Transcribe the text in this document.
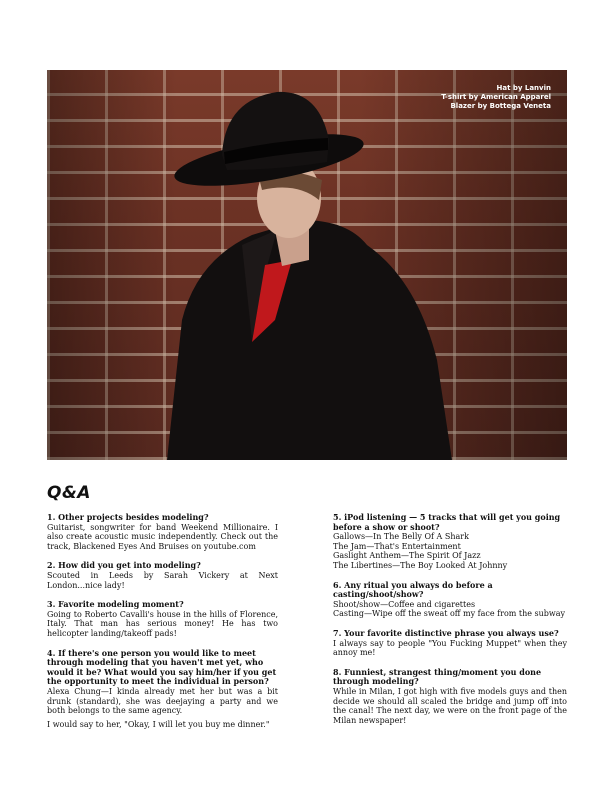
Hat by Lanvin
T-shirt by American Apparel
Blazer by Bottega Veneta
Q&A
1. Other projects besides modeling?
Guitarist, songwriter for band Weekend Millionaire. I also create acoustic music independently. Check out the track, Blackened Eyes And Bruises on youtube.com
2. How did you get into modeling?
Scouted in Leeds by Sarah Vickery at Next London...nice lady!
3. Favorite modeling moment?
Going to Roberto Cavalli's house in the hills of Florence, Italy. That man has serious money! He has two helicopter landing/takeoff pads!
4. If there's one person you would like to meet through modeling that you haven't met yet, who would it be? What would you say him/her if you get the opportunity to meet the individual in person?
Alexa Chung—I kinda already met her but was a bit drunk (standard), she was deejaying a party and we both belongs to the same agency.
I would say to her, "Okay, I will let you buy me dinner."
5. iPod listening — 5 tracks that will get you going before a show or shoot?
Gallows—In The Belly Of A Shark
The Jam—That's Entertainment
Gaslight Anthem—The Spirit Of Jazz
The Libertines—The Boy Looked At Johnny
6. Any ritual you always do before a casting/shoot/show?
Shoot/show—Coffee and cigarettes
Casting—Wipe off the sweat off my face from the subway
7. Your favorite distinctive phrase you always use?
I always say to people "You Fucking Muppet" when they annoy me!
8. Funniest, strangest thing/moment you done through modeling?
While in Milan, I got high with five models guys and then decide we should all scaled the bridge and jump off into the canal! The next day, we were on the front page of the Milan newspaper!
